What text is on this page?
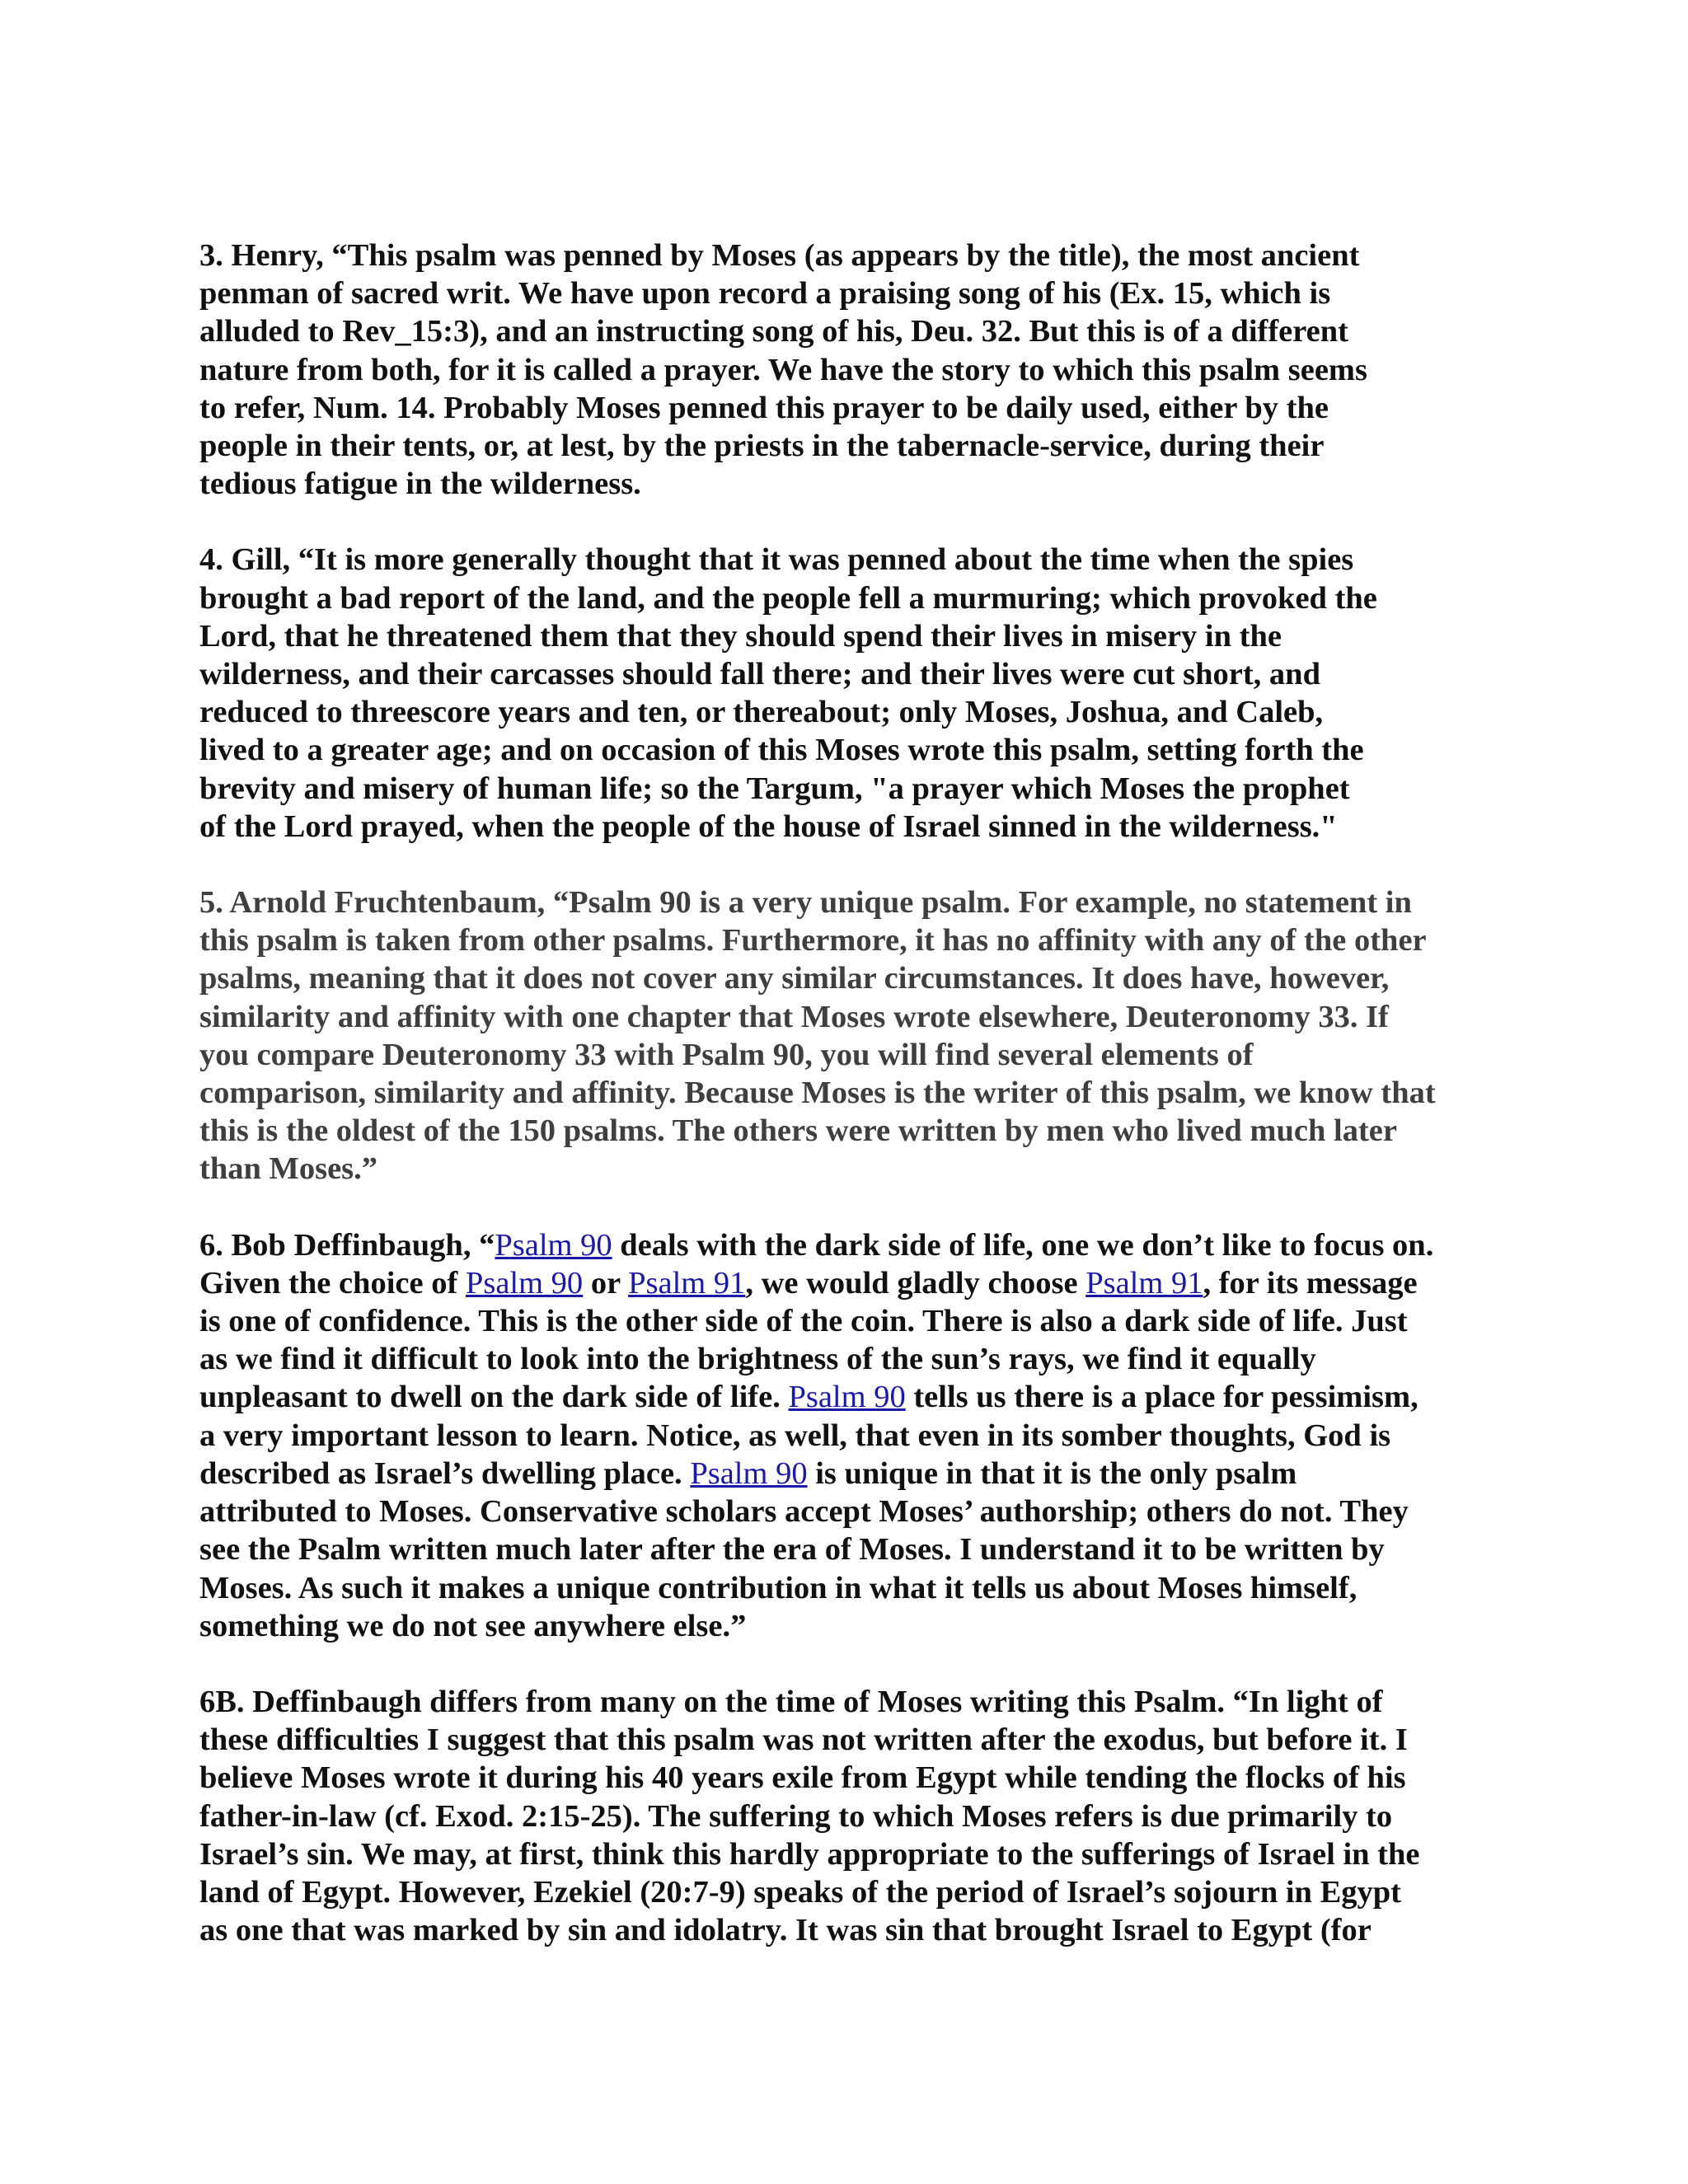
3. Henry, “This psalm was penned by Moses (as appears by the title), the most ancient
penman of sacred writ. We have upon record a praising song of his (Ex. 15, which is
alluded to Rev_15:3), and an instructing song of his, Deu. 32. But this is of a different
nature from both, for it is called a prayer. We have the story to which this psalm seems
to refer, Num. 14. Probably Moses penned this prayer to be daily used, either by the
people in their tents, or, at lest, by the priests in the tabernacle-service, during their
tedious fatigue in the wilderness.

4. Gill, “It is more generally thought that it was penned about the time when the spies
brought a bad report of the land, and the people fell a murmuring; which provoked the
Lord, that he threatened them that they should spend their lives in misery in the
wilderness, and their carcasses should fall there; and their lives were cut short, and
reduced to threescore years and ten, or thereabout; only Moses, Joshua, and Caleb,
lived to a greater age; and on occasion of this Moses wrote this psalm, setting forth the
brevity and misery of human life; so the Targum, "a prayer which Moses the prophet
of the Lord prayed, when the people of the house of Israel sinned in the wilderness."

5. Arnold Fruchtenbaum, “Psalm 90 is a very unique psalm. For example, no statement in
this psalm is taken from other psalms. Furthermore, it has no affinity with any of the other
psalms, meaning that it does not cover any similar circumstances. It does have, however,
similarity and affinity with one chapter that Moses wrote elsewhere, Deuteronomy 33. If
you compare Deuteronomy 33 with Psalm 90, you will find several elements of
comparison, similarity and affinity. Because Moses is the writer of this psalm, we know that
this is the oldest of the 150 psalms. The others were written by men who lived much later
than Moses.”

6. Bob Deffinbaugh, “Psalm 90 deals with the dark side of life, one we don’t like to focus on.
Given the choice of Psalm 90 or Psalm 91, we would gladly choose Psalm 91, for its message
is one of confidence. This is the other side of the coin. There is also a dark side of life. Just
as we find it difficult to look into the brightness of the sun’s rays, we find it equally
unpleasant to dwell on the dark side of life. Psalm 90 tells us there is a place for pessimism,
a very important lesson to learn. Notice, as well, that even in its somber thoughts, God is
described as Israel’s dwelling place. Psalm 90 is unique in that it is the only psalm
attributed to Moses. Conservative scholars accept Moses’ authorship; others do not. They
see the Psalm written much later after the era of Moses. I understand it to be written by
Moses. As such it makes a unique contribution in what it tells us about Moses himself,
something we do not see anywhere else.”

6B. Deffinbaugh differs from many on the time of Moses writing this Psalm. “In light of
these difficulties I suggest that this psalm was not written after the exodus, but before it. I
believe Moses wrote it during his 40 years exile from Egypt while tending the flocks of his
father-in-law (cf. Exod. 2:15-25). The suffering to which Moses refers is due primarily to
Israel’s sin. We may, at first, think this hardly appropriate to the sufferings of Israel in the
land of Egypt. However, Ezekiel (20:7-9) speaks of the period of Israel’s sojourn in Egypt
as one that was marked by sin and idolatry. It was sin that brought Israel to Egypt (for
